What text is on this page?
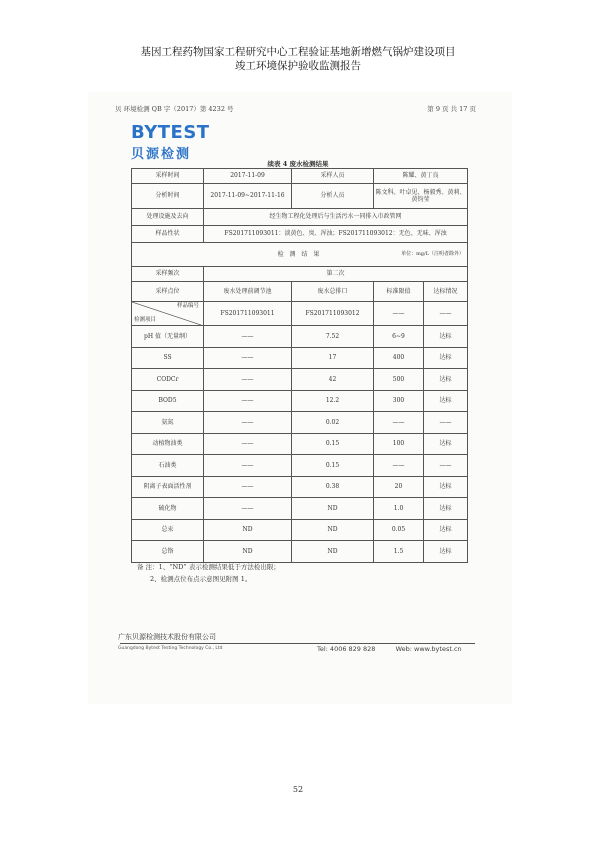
基因工程药物国家工程研究中心工程验证基地新增燃气锅炉建设项目
竣工环境保护验收监测报告
贝 环境检测 QB 字（2017）第 4232 号	第 9 页 共 17 页
BYTEST
贝源检测
续表 4 废水检测结果
采样时间	2017-11-09	采样人员	陈耀、黄丁良	
分析时间	2017-11-09~2017-11-16	分析人员	陈文科、叶卓见、杨毅秀、黄莉、黄钧莹	
处理设施及去向	经生物工程化处理后与生活污水一同排入市政管网			
样品性状	FS201711093011：淡黄色、臭、浑浊；FS201711093012：无色、无味、浑浊			
检 测 结 果 单位：mg/L（注明者除外）				

采样频次	第二次			
采样点位	废水处理前调节池	废水总排口	标准限值	达标情况

样品编号
检测项目	FS201711093011	FS201711093012	——	——
pH 值（无量纲）	——	7.52	6~9	达标
SS	——	17	400	达标
CODCr	——	42	500	达标
BOD5	——	12.2	300	达标
氨氮	——	0.02	——	——
动植物油类	——	0.15	100	达标
石油类	——	0.15	——	——
阴离子表面活性剂	——	0.38	20	达标
硫化物	——	ND	1.0	达标
总汞	ND	ND	0.05	达标
总铬	ND	ND	1.5	达标
备 注：1、“ND” 表示检测结果低于方法检出限；
2、检测点位布点示意图见附图 1。
广东贝源检测技术股份有限公司
Guangdong Bytest Testing Technology Co., Ltd	Tel: 4006 829 828	Web: www.bytest.cn
52
